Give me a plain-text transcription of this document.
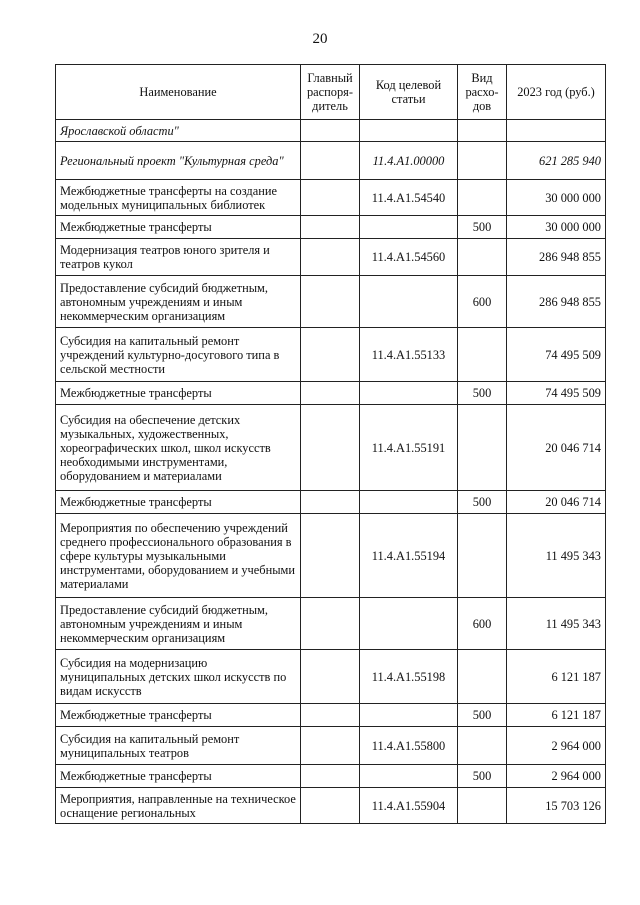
20
Наименование	Главный распоря-дитель	Код целевой статьи	Вид расхо-дов	2023 год (руб.)
Ярославской области"				
Региональный проект "Культурная среда"		11.4.А1.00000		621 285 940
Межбюджетные трансферты на создание модельных муниципальных библиотек		11.4.А1.54540		30 000 000
Межбюджетные трансферты			500	30 000 000
Модернизация театров юного зрителя и театров кукол		11.4.А1.54560		286 948 855
Предоставление субсидий бюджетным, автономным учреждениям и иным некоммерческим организациям			600	286 948 855
Субсидия на капитальный ремонт учреждений культурно-досугового типа в сельской местности		11.4.А1.55133		74 495 509
Межбюджетные трансферты			500	74 495 509
Субсидия на обеспечение детских музыкальных, художественных, хореографических школ, школ искусств необходимыми инструментами, оборудованием и материалами		11.4.А1.55191		20 046 714
Межбюджетные трансферты			500	20 046 714
Мероприятия по обеспечению учреждений среднего профессионального образования в сфере культуры музыкальными инструментами, оборудованием и учебными материалами		11.4.А1.55194		11 495 343
Предоставление субсидий бюджетным, автономным учреждениям и иным некоммерческим организациям			600	11 495 343
Субсидия на модернизацию муниципальных детских школ искусств по видам искусств		11.4.А1.55198		6 121 187
Межбюджетные трансферты			500	6 121 187
Субсидия на капитальный ремонт муниципальных театров		11.4.А1.55800		2 964 000
Межбюджетные трансферты			500	2 964 000
Мероприятия, направленные на техническое оснащение региональных		11.4.А1.55904		15 703 126
